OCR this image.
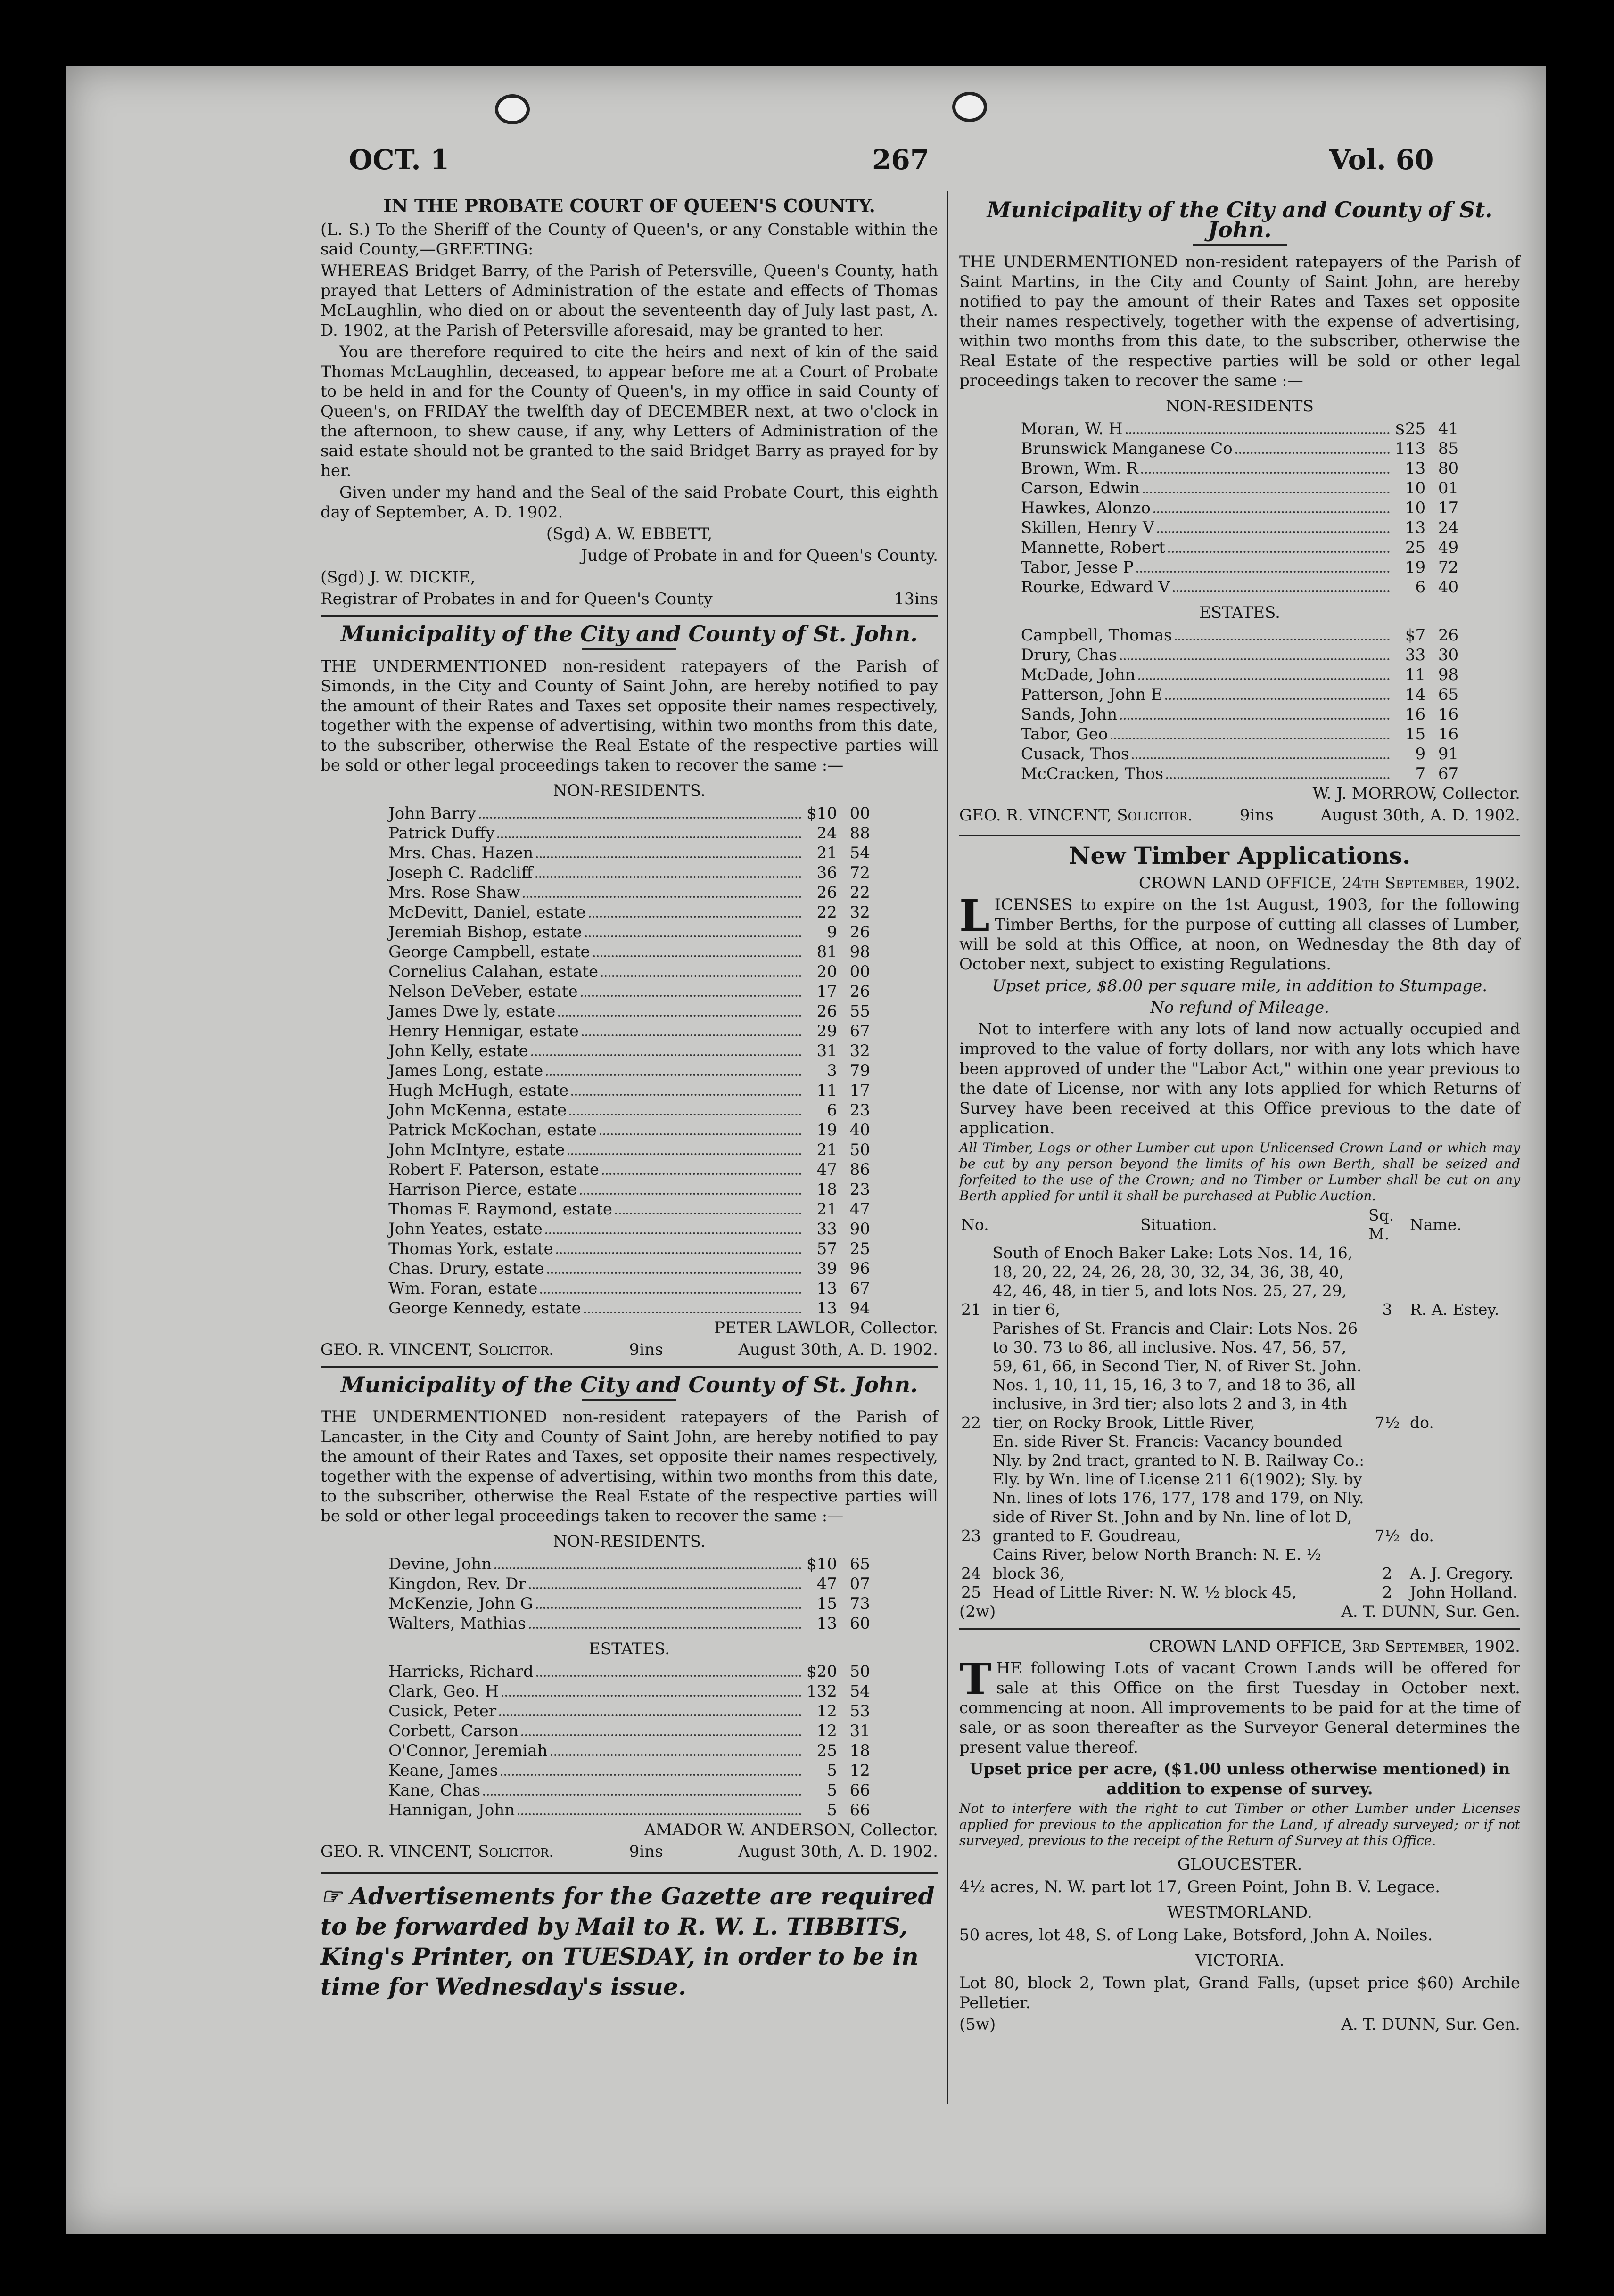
OCT. 1	267	Vol. 60
IN THE PROBATE COURT OF QUEEN'S COUNTY.

(L. S.) To the Sheriff of the County of Queen's, or any Constable within the said County,—GREETING:

WHEREAS Bridget Barry, of the Parish of Petersville, Queen's County, hath prayed that Letters of Administration of the estate and effects of Thomas McLaughlin, who died on or about the seventeenth day of July last past, A. D. 1902, at the Parish of Petersville aforesaid, may be granted to her.

You are therefore required to cite the heirs and next of kin of the said Thomas McLaughlin, deceased, to appear before me at a Court of Probate to be held in and for the County of Queen's, in my office in said County of Queen's, on FRIDAY the twelfth day of DECEMBER next, at two o'clock in the afternoon, to shew cause, if any, why Letters of Administration of the said estate should not be granted to the said Bridget Barry as prayed for by her.

Given under my hand and the Seal of the said Probate Court, this eighth day of September, A. D. 1902.

(Sgd) A. W. EBBETT,

Judge of Probate in and for Queen's County.

(Sgd) J. W. DICKIE,

Registrar of Probates in and for Queen's County	13ins
Municipality of the City and County of St. John.

THE UNDERMENTIONED non-resident ratepayers of the Parish of Simonds, in the City and County of Saint John, are hereby notified to pay the amount of their Rates and Taxes set opposite their names respectively, together with the expense of advertising, within two months from this date, to the subscriber, otherwise the Real Estate of the respective parties will be sold or other legal proceedings taken to recover the same :—

NON-RESIDENTS.
John Barry	$10 00
Patrick Duffy	24 88
Mrs. Chas. Hazen	21 54
Joseph C. Radcliff	36 72
Mrs. Rose Shaw	26 22
McDevitt, Daniel, estate	22 32
Jeremiah Bishop, estate	9 26
George Campbell, estate	81 98
Cornelius Calahan, estate	20 00
Nelson DeVeber, estate	17 26
James Dwe ly, estate	26 55
Henry Hennigar, estate	29 67
John Kelly, estate	31 32
James Long, estate	3 79
Hugh McHugh, estate	11 17
John McKenna, estate	6 23
Patrick McKochan, estate	19 40
John McIntyre, estate	21 50
Robert F. Paterson, estate	47 86
Harrison Pierce, estate	18 23
Thomas F. Raymond, estate	21 47
John Yeates, estate	33 90
Thomas York, estate	57 25
Chas. Drury, estate	39 96
Wm. Foran, estate	13 67
George Kennedy, estate	13 94

PETER LAWLOR, Collector.

GEO. R. VINCENT, Solicitor.	9ins	August 30th, A. D. 1902.
Municipality of the City and County of St. John.

THE UNDERMENTIONED non-resident ratepayers of the Parish of Lancaster, in the City and County of Saint John, are hereby notified to pay the amount of their Rates and Taxes, set opposite their names respectively, together with the expense of advertising, within two months from this date, to the subscriber, otherwise the Real Estate of the respective parties will be sold or other legal proceedings taken to recover the same :—

NON-RESIDENTS.
Devine, John	$10 65
Kingdon, Rev. Dr	47 07
McKenzie, John G	15 73
Walters, Mathias	13 60
ESTATES.
Harricks, Richard	$20 50
Clark, Geo. H	132 54
Cusick, Peter	12 53
Corbett, Carson	12 31
O'Connor, Jeremiah	25 18
Keane, James	5 12
Kane, Chas	5 66
Hannigan, John	5 66

AMADOR W. ANDERSON, Collector.

GEO. R. VINCENT, Solicitor.	9ins	August 30th, A. D. 1902.
☞ Advertisements for the Gazette are required to be forwarded by Mail to R. W. L. TIBBITS, King's Printer, on TUESDAY, in order to be in time for Wednesday's issue.
Municipality of the City and County of St. John.

THE UNDERMENTIONED non-resident ratepayers of the Parish of Saint Martins, in the City and County of Saint John, are hereby notified to pay the amount of their Rates and Taxes set opposite their names respectively, together with the expense of advertising, within two months from this date, to the subscriber, otherwise the Real Estate of the respective parties will be sold or other legal proceedings taken to recover the same :—

NON-RESIDENTS
Moran, W. H	$25 41
Brunswick Manganese Co	113 85
Brown, Wm. R	13 80
Carson, Edwin	10 01
Hawkes, Alonzo	10 17
Skillen, Henry V	13 24
Mannette, Robert	25 49
Tabor, Jesse P	19 72
Rourke, Edward V	6 40
ESTATES.
Campbell, Thomas	$7 26
Drury, Chas	33 30
McDade, John	11 98
Patterson, John E	14 65
Sands, John	16 16
Tabor, Geo	15 16
Cusack, Thos	9 91
McCracken, Thos	7 67

W. J. MORROW, Collector.

GEO. R. VINCENT, Solicitor.	9ins	August 30th, A. D. 1902.
New Timber Applications.

CROWN LAND OFFICE, 24th September, 1902.

LICENSES to expire on the 1st August, 1903, for the following Timber Berths, for the purpose of cutting all classes of Lumber, will be sold at this Office, at noon, on Wednesday the 8th day of October next, subject to existing Regulations.

Upset price, $8.00 per square mile, in addition to Stumpage.

No refund of Mileage.

Not to interfere with any lots of land now actually occupied and improved to the value of forty dollars, nor with any lots which have been approved of under the "Labor Act," within one year previous to the date of License, nor with any lots applied for which Returns of Survey have been received at this Office previous to the date of application.

All Timber, Logs or other Lumber cut upon Unlicensed Crown Land or which may be cut by any person beyond the limits of his own Berth, shall be seized and forfeited to the use of the Crown; and no Timber or Lumber shall be cut on any Berth applied for until it shall be purchased at Public Auction.

No.	Situation.	Sq. M.	Name.
21	South of Enoch Baker Lake: Lots Nos. 14, 16, 18, 20, 22, 24, 26, 28, 30, 32, 34, 36, 38, 40, 42, 46, 48, in tier 5, and lots Nos. 25, 27, 29, in tier 6,	3	R. A. Estey.
22	Parishes of St. Francis and Clair: Lots Nos. 26 to 30. 73 to 86, all inclusive. Nos. 47, 56, 57, 59, 61, 66, in Second Tier, N. of River St. John. Nos. 1, 10, 11, 15, 16, 3 to 7, and 18 to 36, all inclusive, in 3rd tier; also lots 2 and 3, in 4th tier, on Rocky Brook, Little River,	7½	do.
23	En. side River St. Francis: Vacancy bounded Nly. by 2nd tract, granted to N. B. Railway Co.: Ely. by Wn. line of License 211 6(1902); Sly. by Nn. lines of lots 176, 177, 178 and 179, on Nly. side of River St. John and by Nn. line of lot D, granted to F. Goudreau,	7½	do.
24	Cains River, below North Branch: N. E. ½ block 36,	2	A. J. Gregory.
25	Head of Little River: N. W. ½ block 45,	2	John Holland.
(2w)	A. T. DUNN, Sur. Gen.

CROWN LAND OFFICE, 3rd September, 1902.

THE following Lots of vacant Crown Lands will be offered for sale at this Office on the first Tuesday in October next. commencing at noon. All improvements to be paid for at the time of sale, or as soon thereafter as the Surveyor General determines the present value thereof.

Upset price per acre, ($1.00 unless otherwise mentioned) in addition to expense of survey.

Not to interfere with the right to cut Timber or other Lumber under Licenses applied for previous to the application for the Land, if already surveyed; or if not surveyed, previous to the receipt of the Return of Survey at this Office.

GLOUCESTER.

4½ acres, N. W. part lot 17, Green Point, John B. V. Legace.

WESTMORLAND.

50 acres, lot 48, S. of Long Lake, Botsford, John A. Noiles.

VICTORIA.

Lot 80, block 2, Town plat, Grand Falls, (upset price $60) Archile Pelletier.

(5w)	A. T. DUNN, Sur. Gen.
